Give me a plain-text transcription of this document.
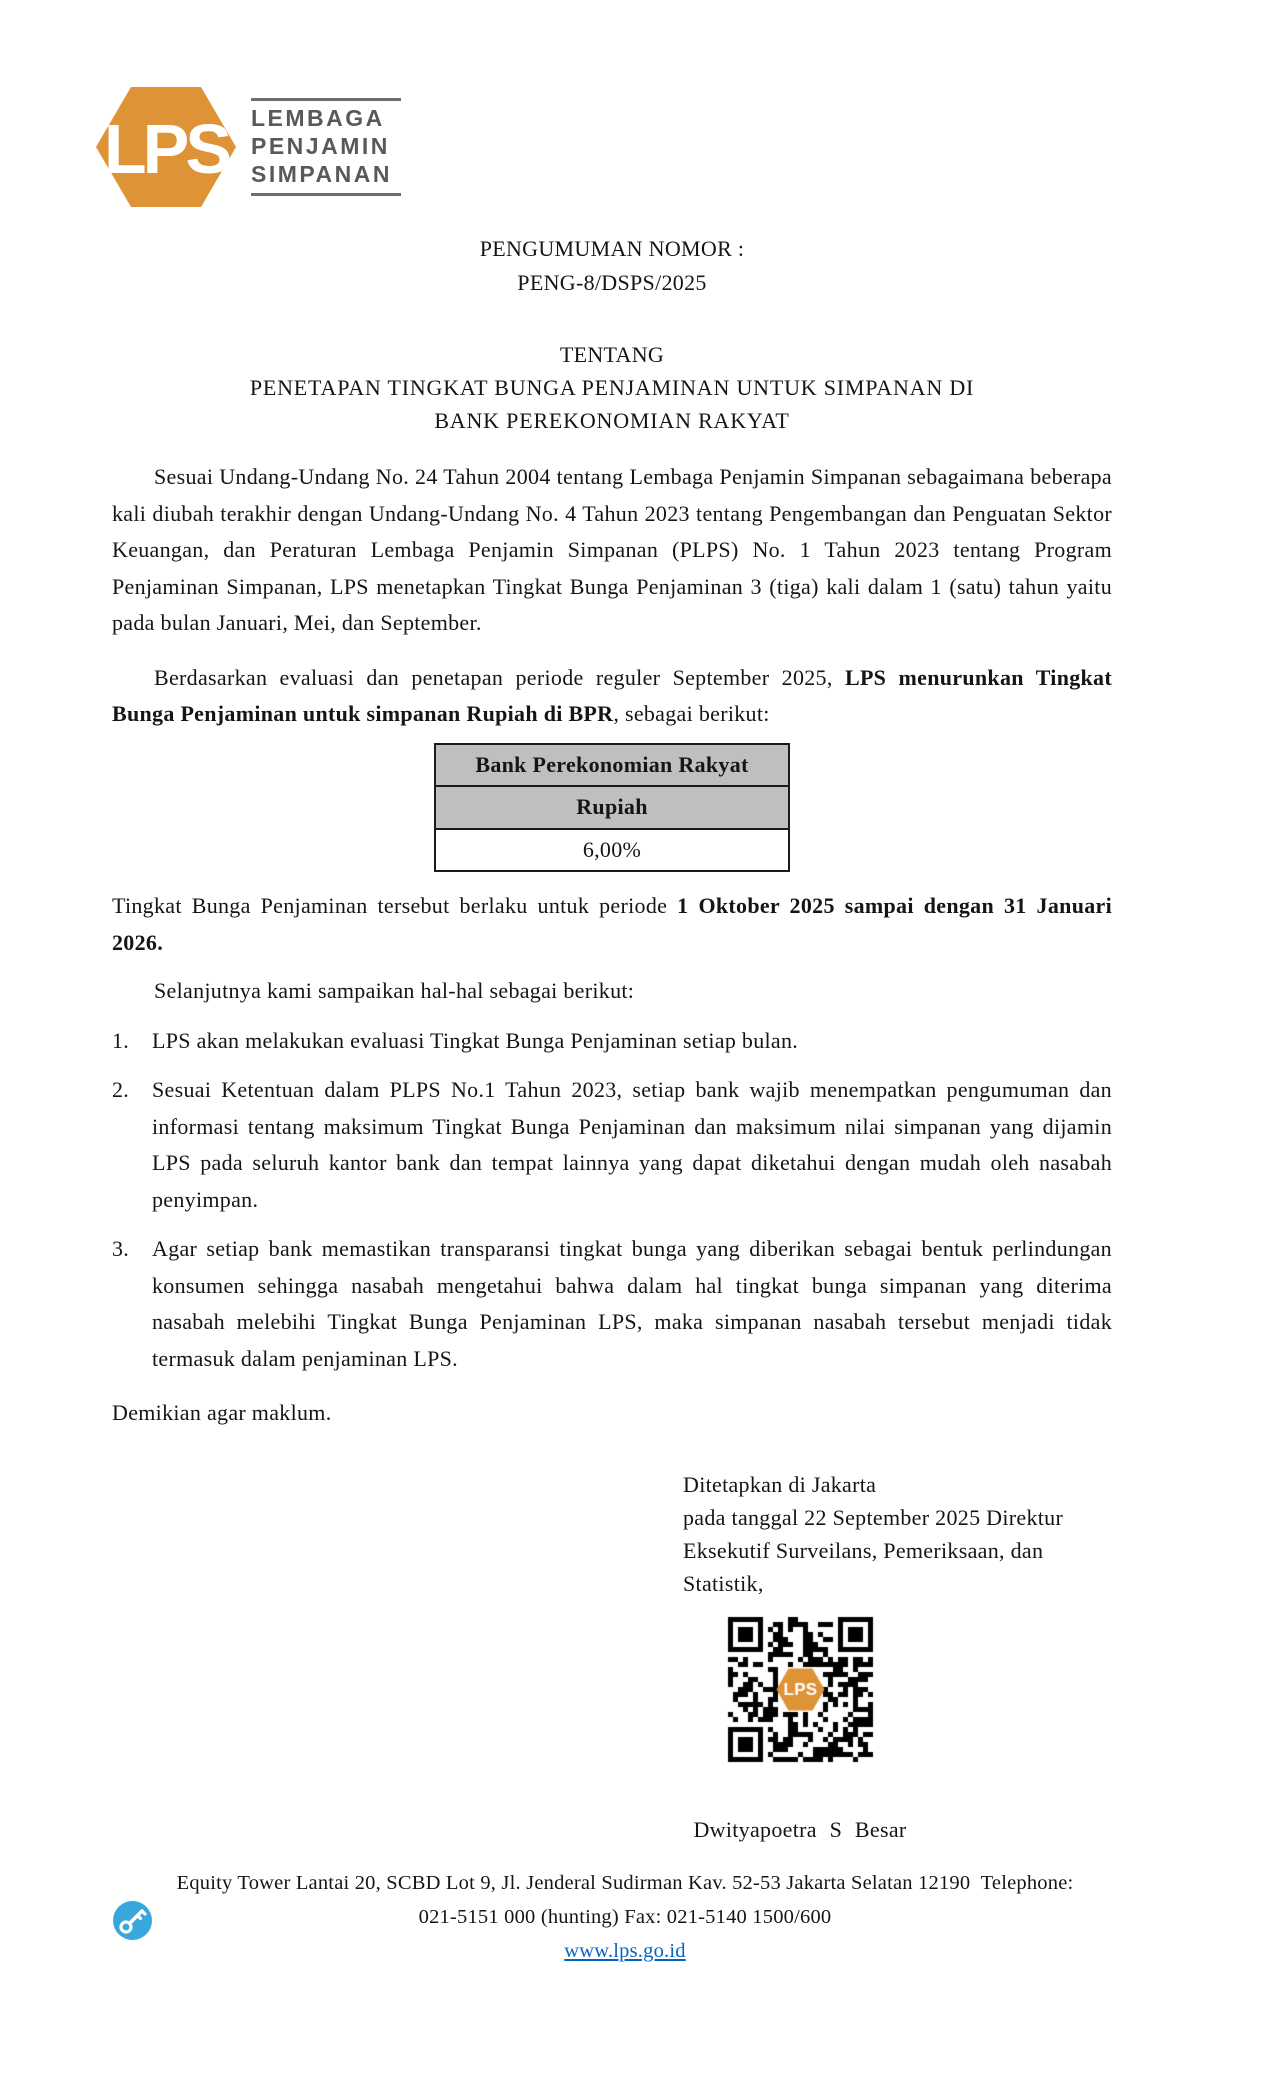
LPS LEMBAGA
PENJAMIN
SIMPANAN
PENGUMUMAN NOMOR :
PENG-8/DSPS/2025
TENTANG
PENETAPAN TINGKAT BUNGA PENJAMINAN UNTUK SIMPANAN DI
BANK PEREKONOMIAN RAKYAT

Sesuai Undang-Undang No. 24 Tahun 2004 tentang Lembaga Penjamin Simpanan sebagaimana beberapa kali diubah terakhir dengan Undang-Undang No. 4 Tahun 2023 tentang Pengembangan dan Penguatan Sektor Keuangan, dan Peraturan Lembaga Penjamin Simpanan (PLPS) No. 1 Tahun 2023 tentang Program Penjaminan Simpanan, LPS menetapkan Tingkat Bunga Penjaminan 3 (tiga) kali dalam 1 (satu) tahun yaitu pada bulan Januari, Mei, dan September.

Berdasarkan evaluasi dan penetapan periode reguler September 2025, LPS menurunkan Tingkat Bunga Penjaminan untuk simpanan Rupiah di BPR, sebagai berikut:

Bank Perekonomian Rakyat
Rupiah
6,00%

Tingkat Bunga Penjaminan tersebut berlaku untuk periode 1 Oktober 2025 sampai dengan 31 Januari 2026.

Selanjutnya kami sampaikan hal-hal sebagai berikut:

1.	LPS akan melakukan evaluasi Tingkat Bunga Penjaminan setiap bulan.
2.	Sesuai Ketentuan dalam PLPS No.1 Tahun 2023, setiap bank wajib menempatkan pengumuman dan informasi tentang maksimum Tingkat Bunga Penjaminan dan maksimum nilai simpanan yang dijamin LPS pada seluruh kantor bank dan tempat lainnya yang dapat diketahui dengan mudah oleh nasabah penyimpan.
3.	Agar setiap bank memastikan transparansi tingkat bunga yang diberikan sebagai bentuk perlindungan konsumen sehingga nasabah mengetahui bahwa dalam hal tingkat bunga simpanan yang diterima nasabah melebihi Tingkat Bunga Penjaminan LPS, maka simpanan nasabah tersebut menjadi tidak termasuk dalam penjaminan LPS.

Demikian agar maklum.

Ditetapkan di Jakarta
pada tanggal 22 September 2025 Direktur
Eksekutif Surveilans, Pemeriksaan, dan
Statistik,
Dwityapoetra S Besar
Equity Tower Lantai 20, SCBD Lot 9, Jl. Jenderal Sudirman Kav. 52-53 Jakarta Selatan 12190  Telephone:
021-5151 000 (hunting) Fax: 021-5140 1500/600
www.lps.go.id
